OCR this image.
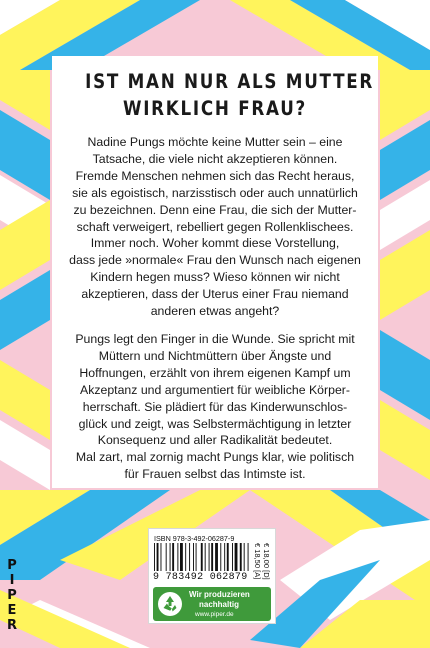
IST MAN NUR ALS MUTTER
WIRKLICH FRAU?

Nadine Pungs möchte keine Mutter sein – eine
Tatsache, die viele nicht akzeptieren können.
Fremde Menschen nehmen sich das Recht heraus,
sie als egoistisch, narzisstisch oder auch unnatürlich
zu bezeichnen. Denn eine Frau, die sich der Mutter-
schaft verweigert, rebelliert gegen Rollenklischees.
Immer noch. Woher kommt diese Vorstellung,
dass jede »normale« Frau den Wunsch nach eigenen
Kindern hegen muss? Wieso können wir nicht
akzeptieren, dass der Uterus einer Frau niemand
anderen etwas angeht?

Pungs legt den Finger in die Wunde. Sie spricht mit
Müttern und Nichtmüttern über Ängste und
Hoffnungen, erzählt von ihrem eigenen Kampf um
Akzeptanz und argumentiert für weibliche Körper-
herrschaft. Sie plädiert für das Kinderwunschlos-
glück und zeigt, was Selbstermächtigung in letzter
Konsequenz und aller Radikalität bedeutet.
Mal zart, mal zornig macht Pungs klar, wie politisch
für Frauen selbst das Intimste ist.

P
I
P
E
R
ISBN 978-3-492-06287-9
9 783492 062879 € 18,00 [D]
€ 18,50 [A]
Wir produzieren
nachhaltig
www.piper.de
